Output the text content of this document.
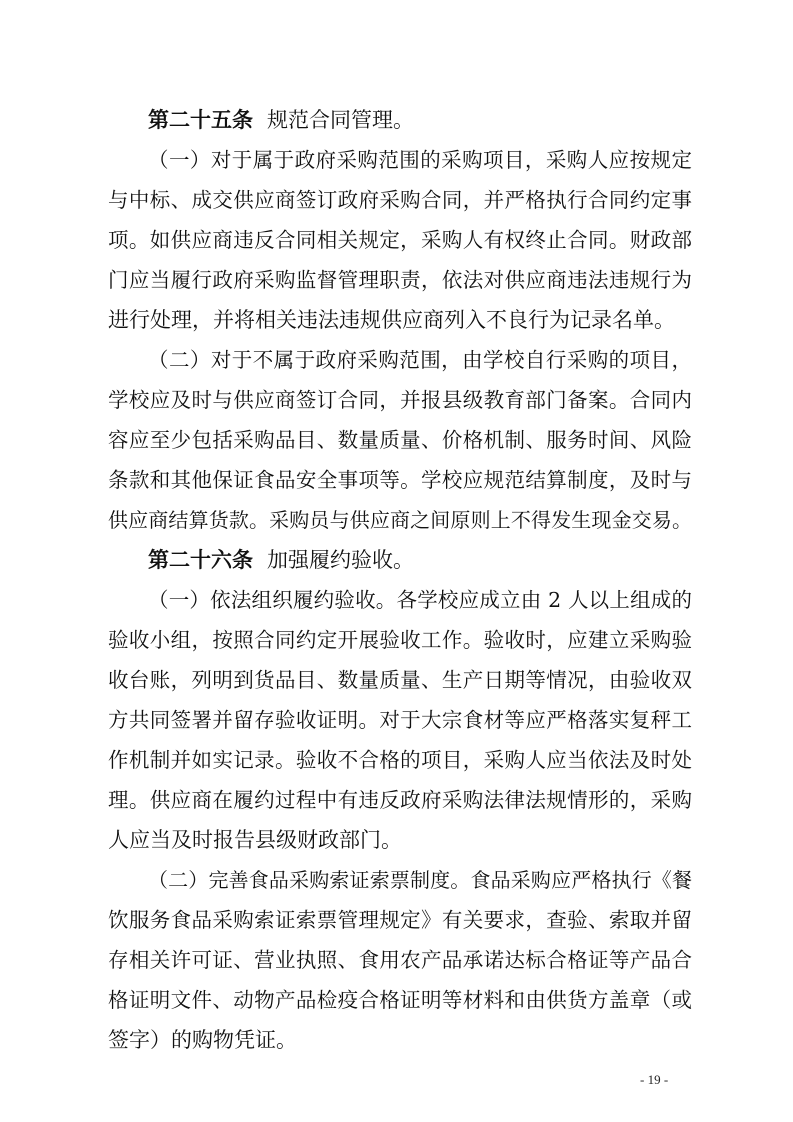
第二十五条 规范合同管理。
（一）对于属于政府采购范围的采购项目，采购人应按规定
与中标、成交供应商签订政府采购合同，并严格执行合同约定事
项。如供应商违反合同相关规定，采购人有权终止合同。财政部
门应当履行政府采购监督管理职责，依法对供应商违法违规行为
进行处理，并将相关违法违规供应商列入不良行为记录名单。
（二）对于不属于政府采购范围，由学校自行采购的项目，
学校应及时与供应商签订合同，并报县级教育部门备案。合同内
容应至少包括采购品目、数量质量、价格机制、服务时间、风险
条款和其他保证食品安全事项等。学校应规范结算制度，及时与
供应商结算货款。采购员与供应商之间原则上不得发生现金交易。
第二十六条 加强履约验收。
（一）依法组织履约验收。各学校应成立由 2 人以上组成的
验收小组，按照合同约定开展验收工作。验收时，应建立采购验
收台账，列明到货品目、数量质量、生产日期等情况，由验收双
方共同签署并留存验收证明。对于大宗食材等应严格落实复秤工
作机制并如实记录。验收不合格的项目，采购人应当依法及时处
理。供应商在履约过程中有违反政府采购法律法规情形的，采购
人应当及时报告县级财政部门。
（二）完善食品采购索证索票制度。食品采购应严格执行《餐
饮服务食品采购索证索票管理规定》有关要求，查验、索取并留
存相关许可证、营业执照、食用农产品承诺达标合格证等产品合
格证明文件、动物产品检疫合格证明等材料和由供货方盖章（或
签字）的购物凭证。
- 19 -
